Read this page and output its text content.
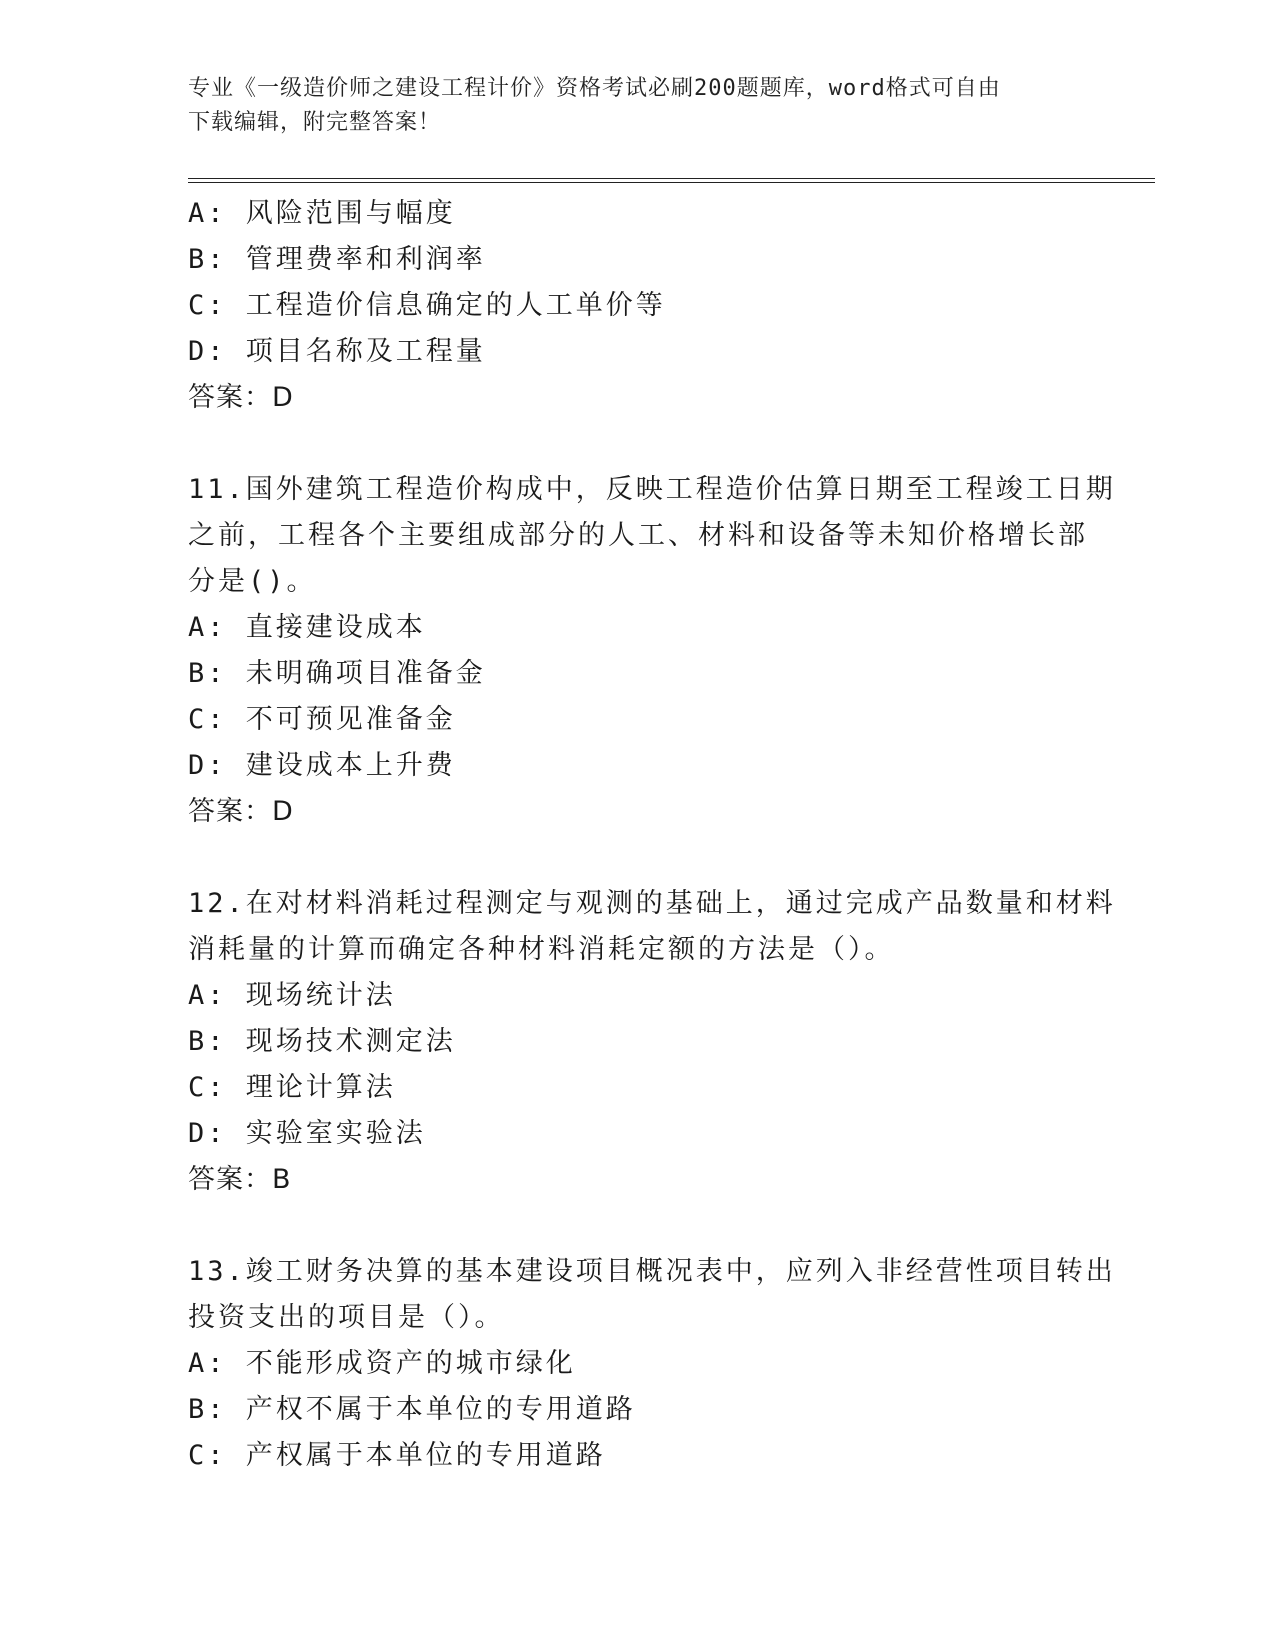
专业《一级造价师之建设工程计价》资格考试必刷200题题库，word格式可自由
下载编辑，附完整答案！
A: 风险范围与幅度
B: 管理费率和利润率
C: 工程造价信息确定的人工单价等
D: 项目名称及工程量
答案：D
11.国外建筑工程造价构成中，反映工程造价估算日期至工程竣工日期
之前，工程各个主要组成部分的人工、材料和设备等未知价格增长部
分是()。
A: 直接建设成本
B: 未明确项目准备金
C: 不可预见准备金
D: 建设成本上升费
答案：D
12.在对材料消耗过程测定与观测的基础上，通过完成产品数量和材料
消耗量的计算而确定各种材料消耗定额的方法是（）。
A: 现场统计法
B: 现场技术测定法
C: 理论计算法
D: 实验室实验法
答案：B
13.竣工财务决算的基本建设项目概况表中，应列入非经营性项目转出
投资支出的项目是（）。
A: 不能形成资产的城市绿化
B: 产权不属于本单位的专用道路
C: 产权属于本单位的专用道路
